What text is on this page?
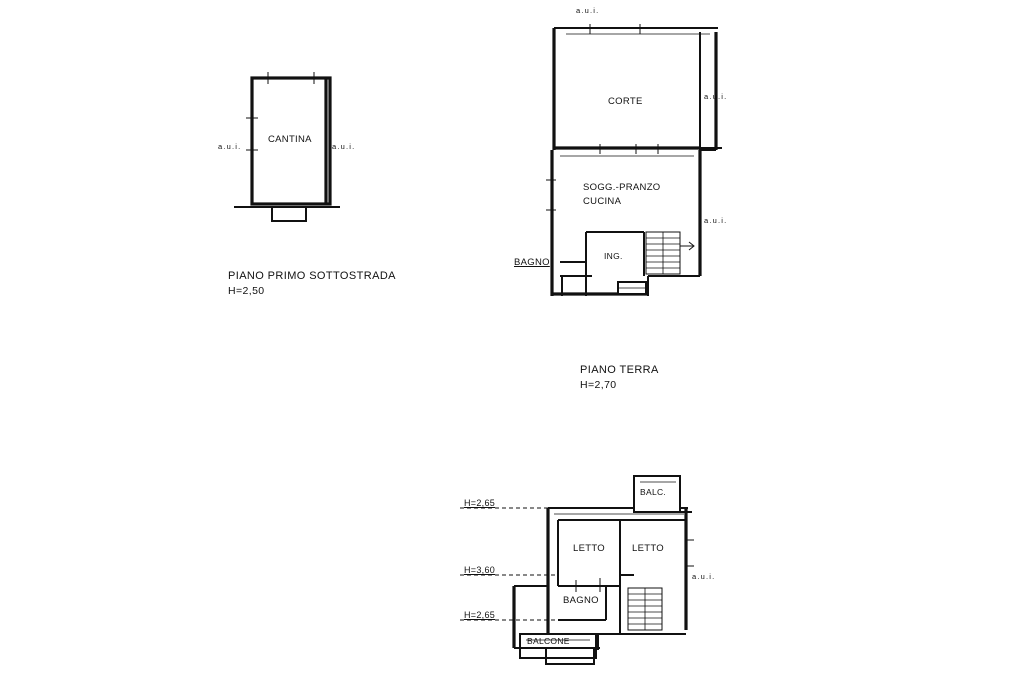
CANTINA
a.u.i.	a.u.i.
PIANO PRIMO SOTTOSTRADA
H=2,50
CORTE
SOGG.-PRANZO
CUCINA
BAGNO
ING.
a.u.i.
a.u.i.
a.u.i.
PIANO TERRA
H=2,70
BALC.
LETTO	LETTO
BAGNO
BALCONE
H=2,65
H=3,60
H=2,65
a.u.i.
